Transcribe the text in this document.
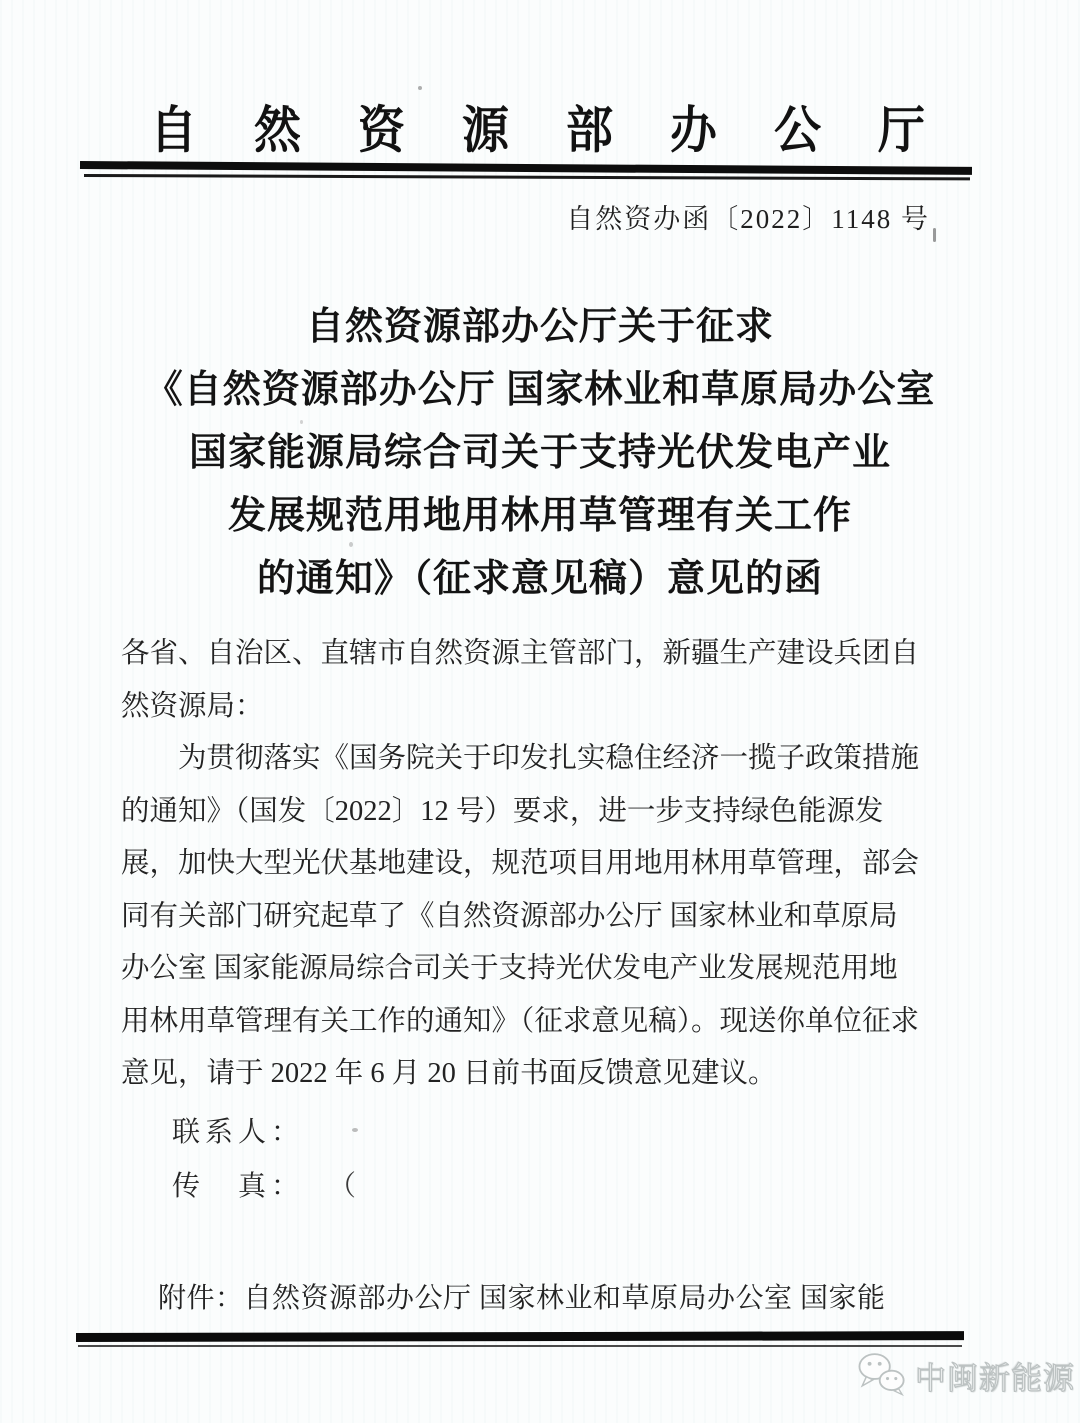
自然资源部办公厅
自然资办函〔2022〕1148 号
自然资源部办公厅关于征求
《自然资源部办公厅 国家林业和草原局办公室
国家能源局综合司关于支持光伏发电产业
发展规范用地用林用草管理有关工作
的通知》（征求意见稿）意见的函
各省、自治区、直辖市自然资源主管部门，新疆生产建设兵团自
然资源局：
为贯彻落实《国务院关于印发扎实稳住经济一揽子政策措施
的通知》（国发〔2022〕12 号）要求，进一步支持绿色能源发
展，加快大型光伏基地建设，规范项目用地用林用草管理，部会
同有关部门研究起草了《自然资源部办公厅 国家林业和草原局
办公室 国家能源局综合司关于支持光伏发电产业发展规范用地
用林用草管理有关工作的通知》（征求意见稿）。现送你单位征求
意见，请于 2022 年 6 月 20 日前书面反馈意见建议。
联系人：
传　真： （
附件：自然资源部办公厅 国家林业和草原局办公室 国家能
中闽新能源
